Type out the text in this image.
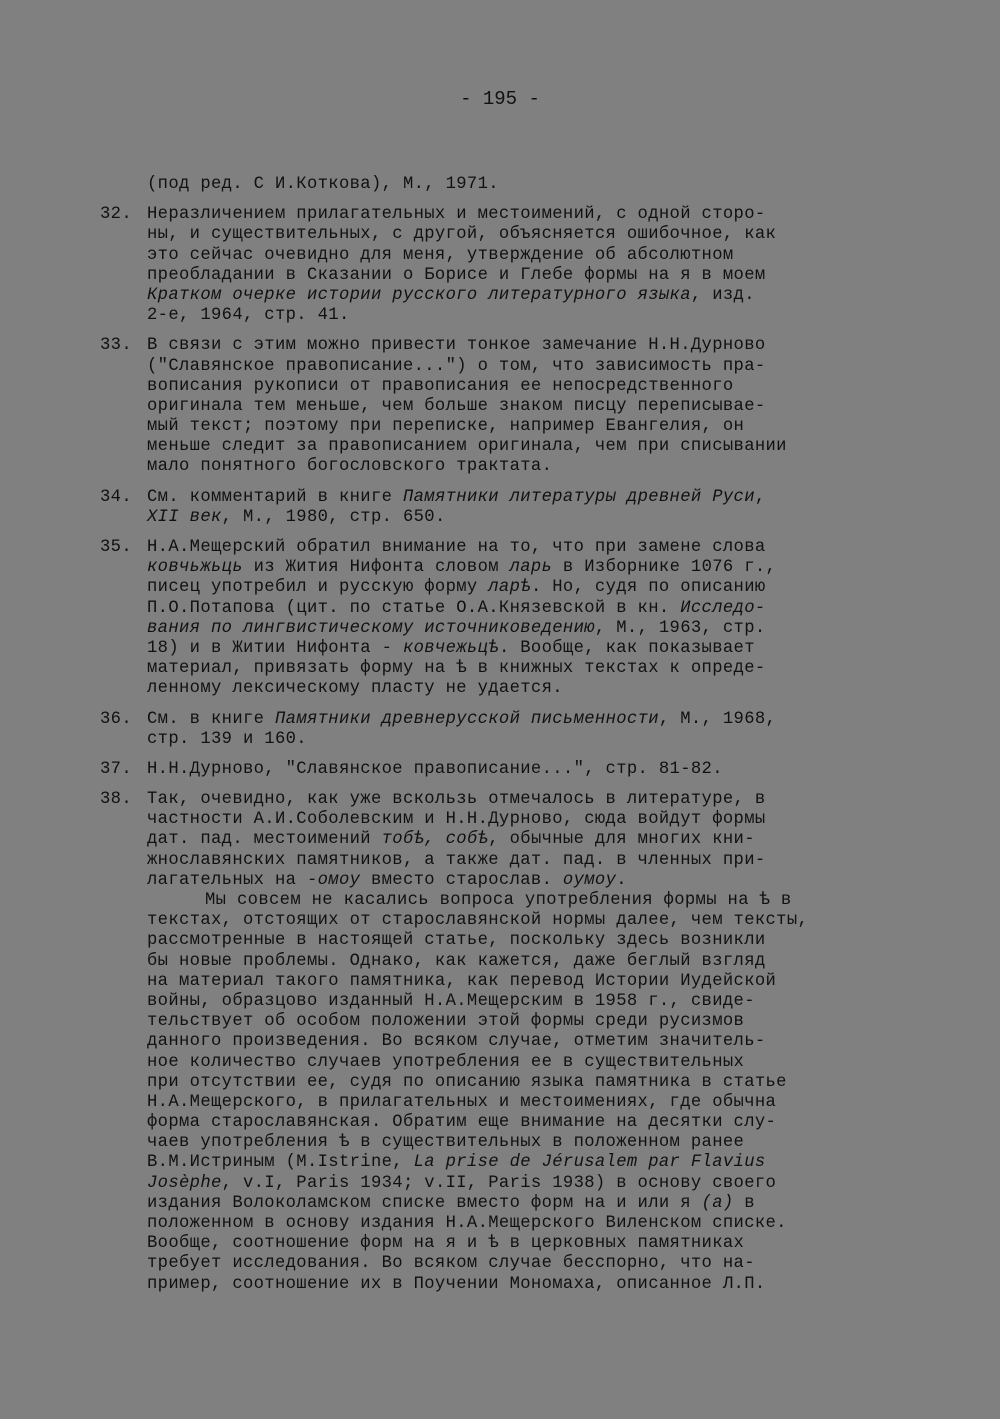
- 195 -
(под ред. С И.Коткова), М., 1971.
32. Неразличением прилагательных и местоимений, с одной сторо-
ны, и существительных, с другой, объясняется ошибочное, как
это сейчас очевидно для меня, утверждение об абсолютном
преобладании в Сказании о Борисе и Глебе формы на я в моем
Кратком очерке истории русского литературного языка, изд.
2-е, 1964, стр. 41.
33. В связи с этим можно привести тонкое замечание Н.Н.Дурново
("Славянское правописание...") о том, что зависимость пра-
вописания рукописи от правописания ее непосредственного
оригинала тем меньше, чем больше знаком писцу переписывае-
мый текст; поэтому при переписке, например Евангелия, он
меньше следит за правописанием оригинала, чем при списывании
мало понятного богословского трактата.
34. См. комментарий в книге Памятники литературы древней Руси,
XII век, М., 1980, стр. 650.
35. Н.А.Мещерский обратил внимание на то, что при замене слова
ковчьжьць из Жития Нифонта словом ларь в Изборнике 1076 г.,
писец употребил и русскую форму ларѣ. Но, судя по описанию
П.О.Потапова (цит. по статье О.А.Князевской в кн. Исследо-
вания по лингвистическому источниковедению, М., 1963, стр.
18) и в Житии Нифонта - ковчежьцѣ. Вообще, как показывает
материал, привязать форму на ѣ в книжных текстах к опреде-
ленному лексическому пласту не удается.
36. См. в книге Памятники древнерусской письменности, М., 1968,
стр. 139 и 160.
37. Н.Н.Дурново, "Славянское правописание...", стр. 81-82.
38. Так, очевидно, как уже вскользь отмечалось в литературе, в
частности А.И.Соболевским и Н.Н.Дурново, сюда войдут формы
дат. пад. местоимений тобѣ, собѣ, обычные для многих кни-
жнославянских памятников, а также дат. пад. в членных при-
лагательных на -омоу вместо старослав. оумоу.
Мы совсем не касались вопроса употребления формы на ѣ в
текстах, отстоящих от старославянской нормы далее, чем тексты,
рассмотренные в настоящей статье, поскольку здесь возникли
бы новые проблемы. Однако, как кажется, даже беглый взгляд
на материал такого памятника, как перевод Истории Иудейской
войны, образцово изданный Н.А.Мещерским в 1958 г., свиде-
тельствует об особом положении этой формы среди русизмов
данного произведения. Во всяком случае, отметим значитель-
ное количество случаев употребления ее в существительных
при отсутствии ее, судя по описанию языка памятника в статье
Н.А.Мещерского, в прилагательных и местоимениях, где обычна
форма старославянская. Обратим еще внимание на десятки слу-
чаев употребления ѣ в существительных в положенном ранее
В.М.Истриным (M.Istrine, La prise de Jérusalem par Flavius
Josèphe, v.I, Paris 1934; v.II, Paris 1938) в основу своего
издания Волоколамском списке вместо форм на и или я (а) в
положенном в основу издания Н.А.Мещерского Виленском списке.
Вообще, соотношение форм на я и ѣ в церковных памятниках
требует исследования. Во всяком случае бесспорно, что на-
пример, соотношение их в Поучении Мономаха, описанное Л.П.
